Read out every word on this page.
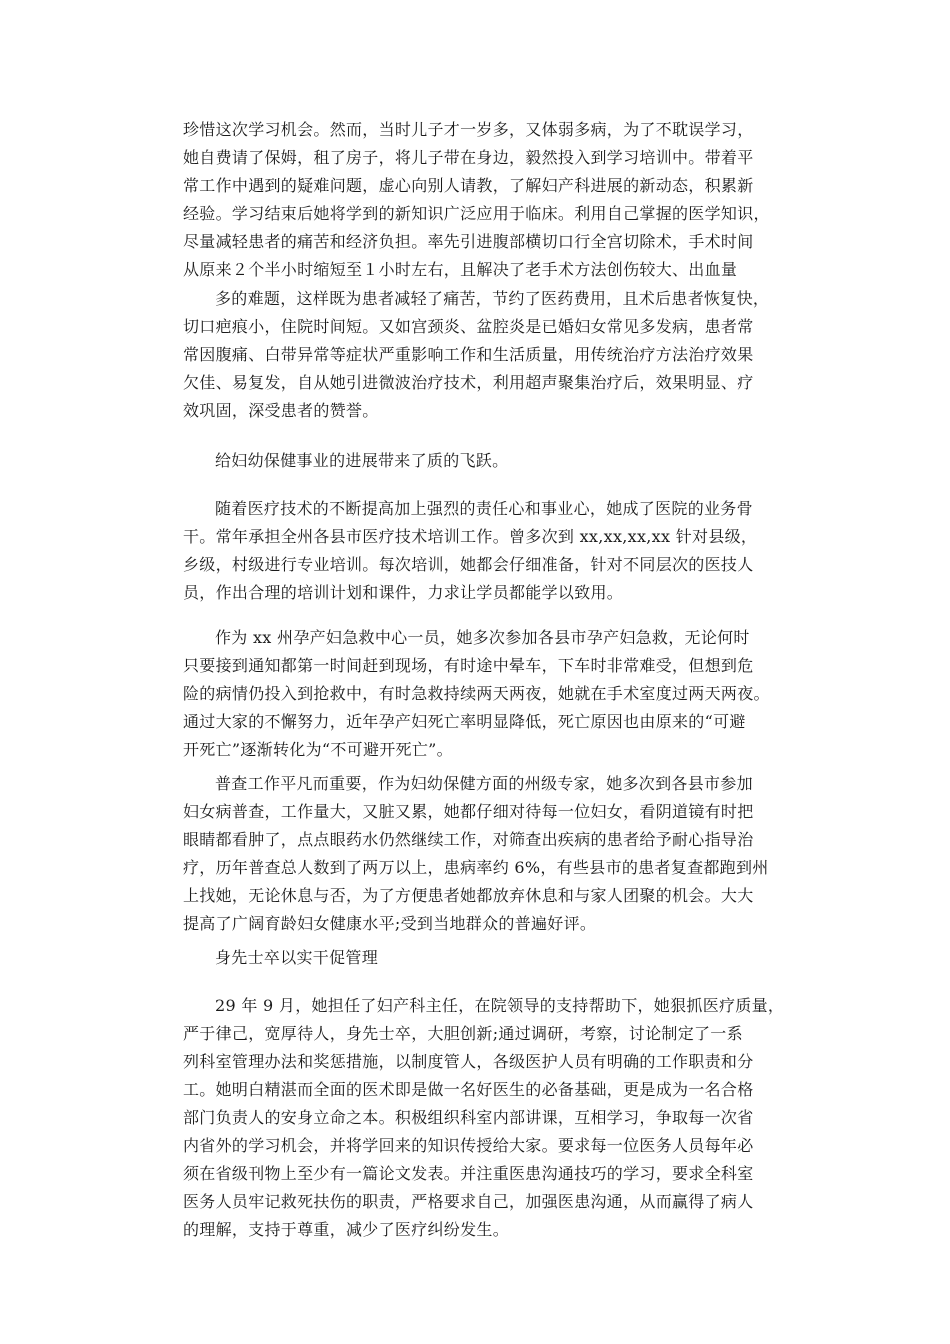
珍惜这次学习机会。然而，当时儿子才一岁多，又体弱多病，为了不耽误学习，
她自费请了保姆，租了房子，将儿子带在身边，毅然投入到学习培训中。带着平
常工作中遇到的疑难问题，虚心向别人请教，了解妇产科进展的新动态，积累新
经验。学习结束后她将学到的新知识广泛应用于临床。利用自己掌握的医学知识，
尽量减轻患者的痛苦和经济负担。率先引进腹部横切口行全宫切除术，手术时间
从原来２个半小时缩短至１小时左右，且解决了老手术方法创伤较大、出血量
多的难题，这样既为患者减轻了痛苦，节约了医药费用，且术后患者恢复快，
切口疤痕小，住院时间短。又如宫颈炎、盆腔炎是已婚妇女常见多发病，患者常
常因腹痛、白带异常等症状严重影响工作和生活质量，用传统治疗方法治疗效果
欠佳、易复发，自从她引进微波治疗技术，利用超声聚集治疗后，效果明显、疗
效巩固，深受患者的赞誉。
给妇幼保健事业的进展带来了质的飞跃。
随着医疗技术的不断提高加上强烈的责任心和事业心，她成了医院的业务骨
干。常年承担全州各县市医疗技术培训工作。曾多次到 xx,xx,xx,xx 针对县级，
乡级，村级进行专业培训。每次培训，她都会仔细准备，针对不同层次的医技人
员，作出合理的培训计划和课件，力求让学员都能学以致用。
作为 xx 州孕产妇急救中心一员，她多次参加各县市孕产妇急救，无论何时
只要接到通知都第一时间赶到现场，有时途中晕车，下车时非常难受，但想到危
险的病情仍投入到抢救中，有时急救持续两天两夜，她就在手术室度过两天两夜。
通过大家的不懈努力，近年孕产妇死亡率明显降低，死亡原因也由原来的“可避
开死亡”逐渐转化为“不可避开死亡”。
普查工作平凡而重要，作为妇幼保健方面的州级专家，她多次到各县市参加
妇女病普查，工作量大，又脏又累，她都仔细对待每一位妇女，看阴道镜有时把
眼睛都看肿了，点点眼药水仍然继续工作，对筛查出疾病的患者给予耐心指导治
疗，历年普查总人数到了两万以上，患病率约 6%，有些县市的患者复查都跑到州
上找她，无论休息与否，为了方便患者她都放弃休息和与家人团聚的机会。大大
提高了广阔育龄妇女健康水平;受到当地群众的普遍好评。
身先士卒以实干促管理
29 年 9 月，她担任了妇产科主任，在院领导的支持帮助下，她狠抓医疗质量，
严于律己，宽厚待人，身先士卒，大胆创新;通过调研，考察，讨论制定了一系
列科室管理办法和奖惩措施，以制度管人，各级医护人员有明确的工作职责和分
工。她明白精湛而全面的医术即是做一名好医生的必备基础，更是成为一名合格
部门负责人的安身立命之本。积极组织科室内部讲课，互相学习，争取每一次省
内省外的学习机会，并将学回来的知识传授给大家。要求每一位医务人员每年必
须在省级刊物上至少有一篇论文发表。并注重医患沟通技巧的学习，要求全科室
医务人员牢记救死扶伤的职责，严格要求自己，加强医患沟通，从而赢得了病人
的理解，支持于尊重，减少了医疗纠纷发生。
